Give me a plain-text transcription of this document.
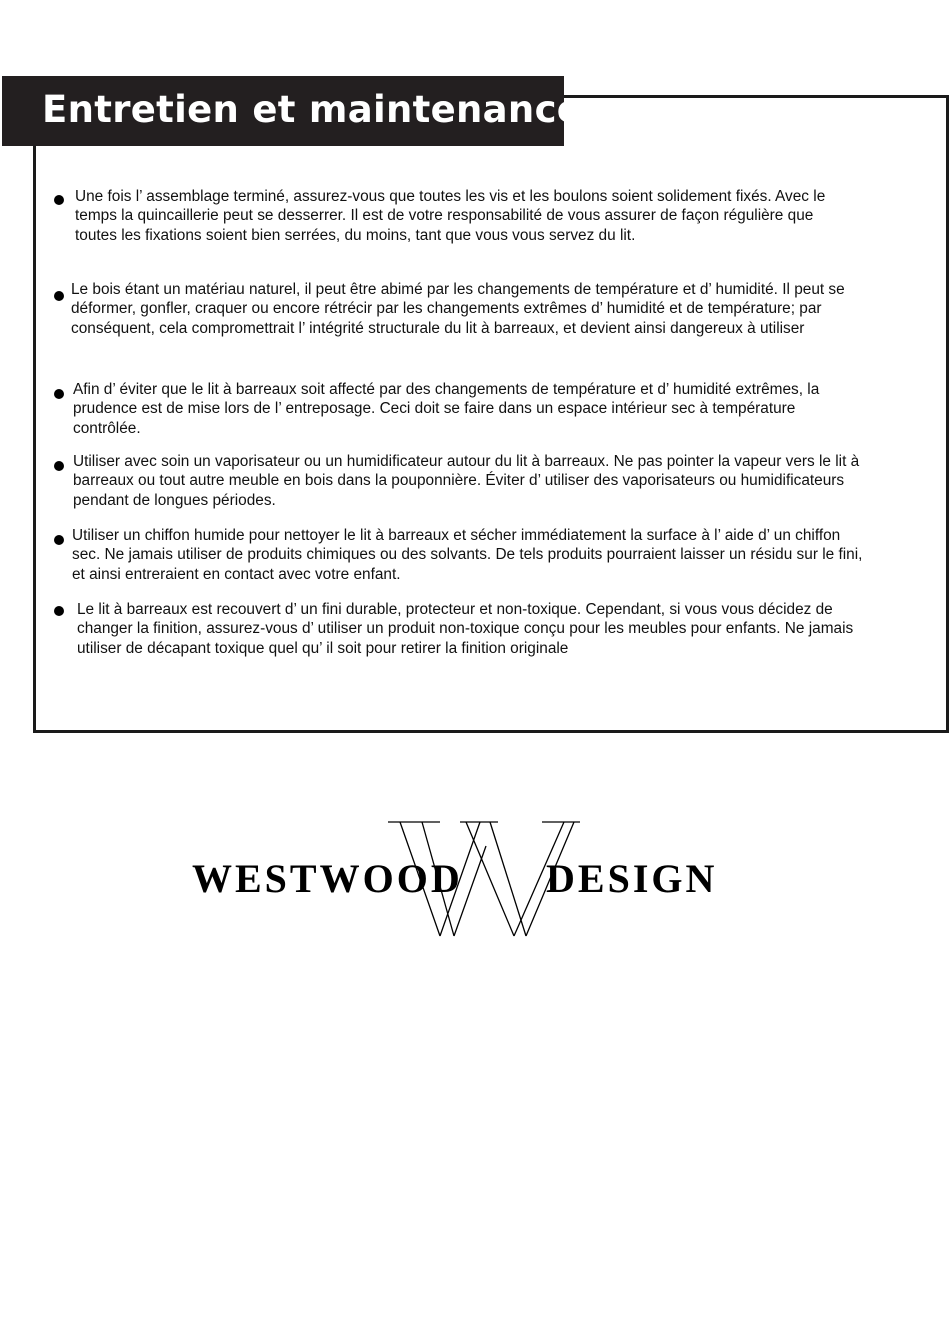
Entretien et maintenance
Une fois l’ assemblage terminé, assurez-vous que toutes les vis et les boulons soient solidement fixés. Avec le
temps la quincaillerie peut se desserrer. Il est de votre responsabilité de vous assurer de façon régulière que
toutes les fixations soient bien serrées, du moins, tant que vous vous servez du lit.
Le bois étant un matériau naturel, il peut être abimé par les changements de température et d’ humidité. Il peut se
déformer, gonfler, craquer ou encore rétrécir par les changements extrêmes d’ humidité et de température; par
conséquent, cela compromettrait l’ intégrité structurale du lit à barreaux, et devient ainsi dangereux à utiliser
Afin d’ éviter que le lit à barreaux soit affecté par des changements de température et d’ humidité extrêmes, la
prudence est de mise lors de l’ entreposage. Ceci doit se faire dans un espace intérieur sec à température
contrôlée.
Utiliser avec soin un vaporisateur ou un humidificateur autour du lit à barreaux. Ne pas pointer la vapeur vers le lit à
barreaux ou tout autre meuble en bois dans la pouponnière. Éviter d’ utiliser des vaporisateurs ou humidificateurs
pendant de longues périodes.
Utiliser un chiffon humide pour nettoyer le lit à barreaux et sécher immédiatement la surface à l’ aide d’ un chiffon
sec. Ne jamais utiliser de produits chimiques ou des solvants. De tels produits pourraient laisser un résidu sur le fini,
et ainsi entreraient en contact avec votre enfant.
Le lit à barreaux est recouvert d’ un fini durable, protecteur et non-toxique. Cependant, si vous vous décidez de
changer la finition, assurez-vous d’ utiliser un produit non-toxique conçu pour les meubles pour enfants. Ne jamais
utiliser de décapant toxique quel qu’ il soit pour retirer la finition originale
WESTWOOD DESIGN
